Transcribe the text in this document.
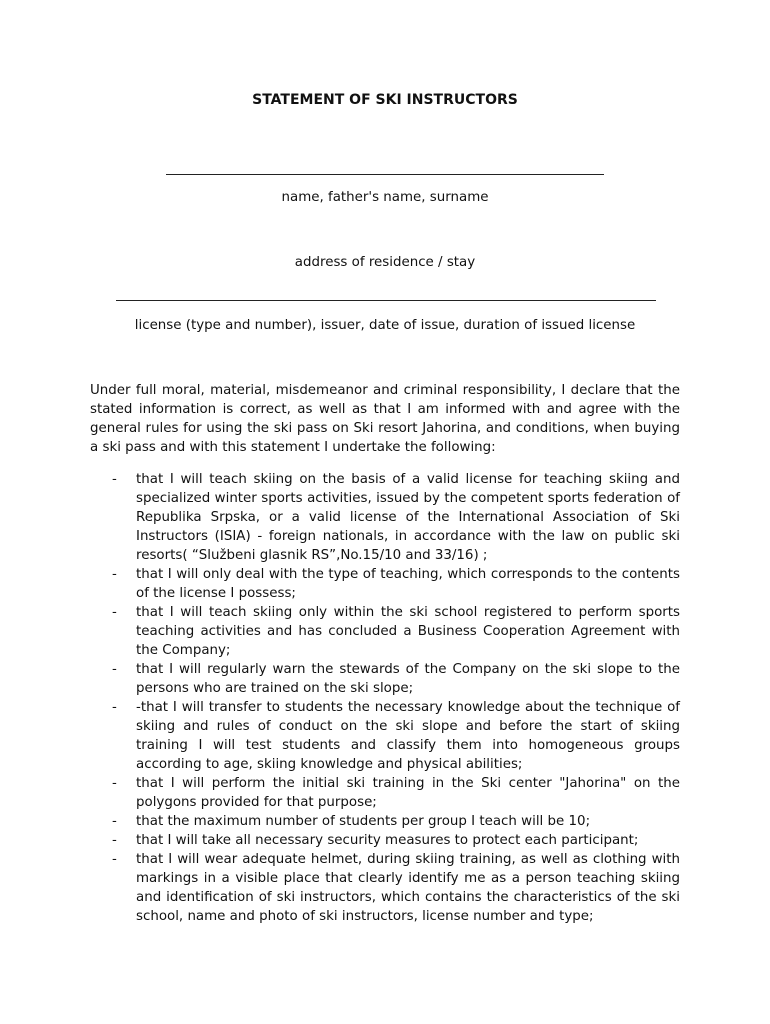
STATEMENT OF SKI INSTRUCTORS
name, father's name, surname
address of residence / stay
license (type and number), issuer, date of issue, duration of issued license

Under full moral, material, misdemeanor and criminal responsibility, I declare that the stated information is correct, as well as that I am informed with and agree with the general rules for using the ski pass on Ski resort Jahorina, and conditions, when buying a ski pass and with this statement I undertake the following:

- that I will teach skiing on the basis of a valid license for teaching skiing and specialized winter sports activities, issued by the competent sports federation of Republika Srpska, or a valid license of the International Association of Ski Instructors (ISIA) - foreign nationals, in accordance with the law on public ski resorts( “Službeni glasnik RS”,No.15/10 and 33/16) ;
- that I will only deal with the type of teaching, which corresponds to the contents of the license I possess;
- that I will teach skiing only within the ski school registered to perform sports teaching activities and has concluded a Business Cooperation Agreement with the Company;
- that I will regularly warn the stewards of the Company on the ski slope to the persons who are trained on the ski slope;
- -that I will transfer to students the necessary knowledge about the technique of skiing and rules of conduct on the ski slope and before the start of skiing training I will test students and classify them into homogeneous groups according to age, skiing knowledge and physical abilities;
- that I will perform the initial ski training in the Ski center "Jahorina" on the polygons provided for that purpose;
- that the maximum number of students per group I teach will be 10;
- that I will take all necessary security measures to protect each participant;
- that I will wear adequate helmet, during skiing training, as well as clothing with markings in a visible place that clearly identify me as a person teaching skiing and identification of ski instructors, which contains the characteristics of the ski school, name and photo of ski instructors, license number and type;
